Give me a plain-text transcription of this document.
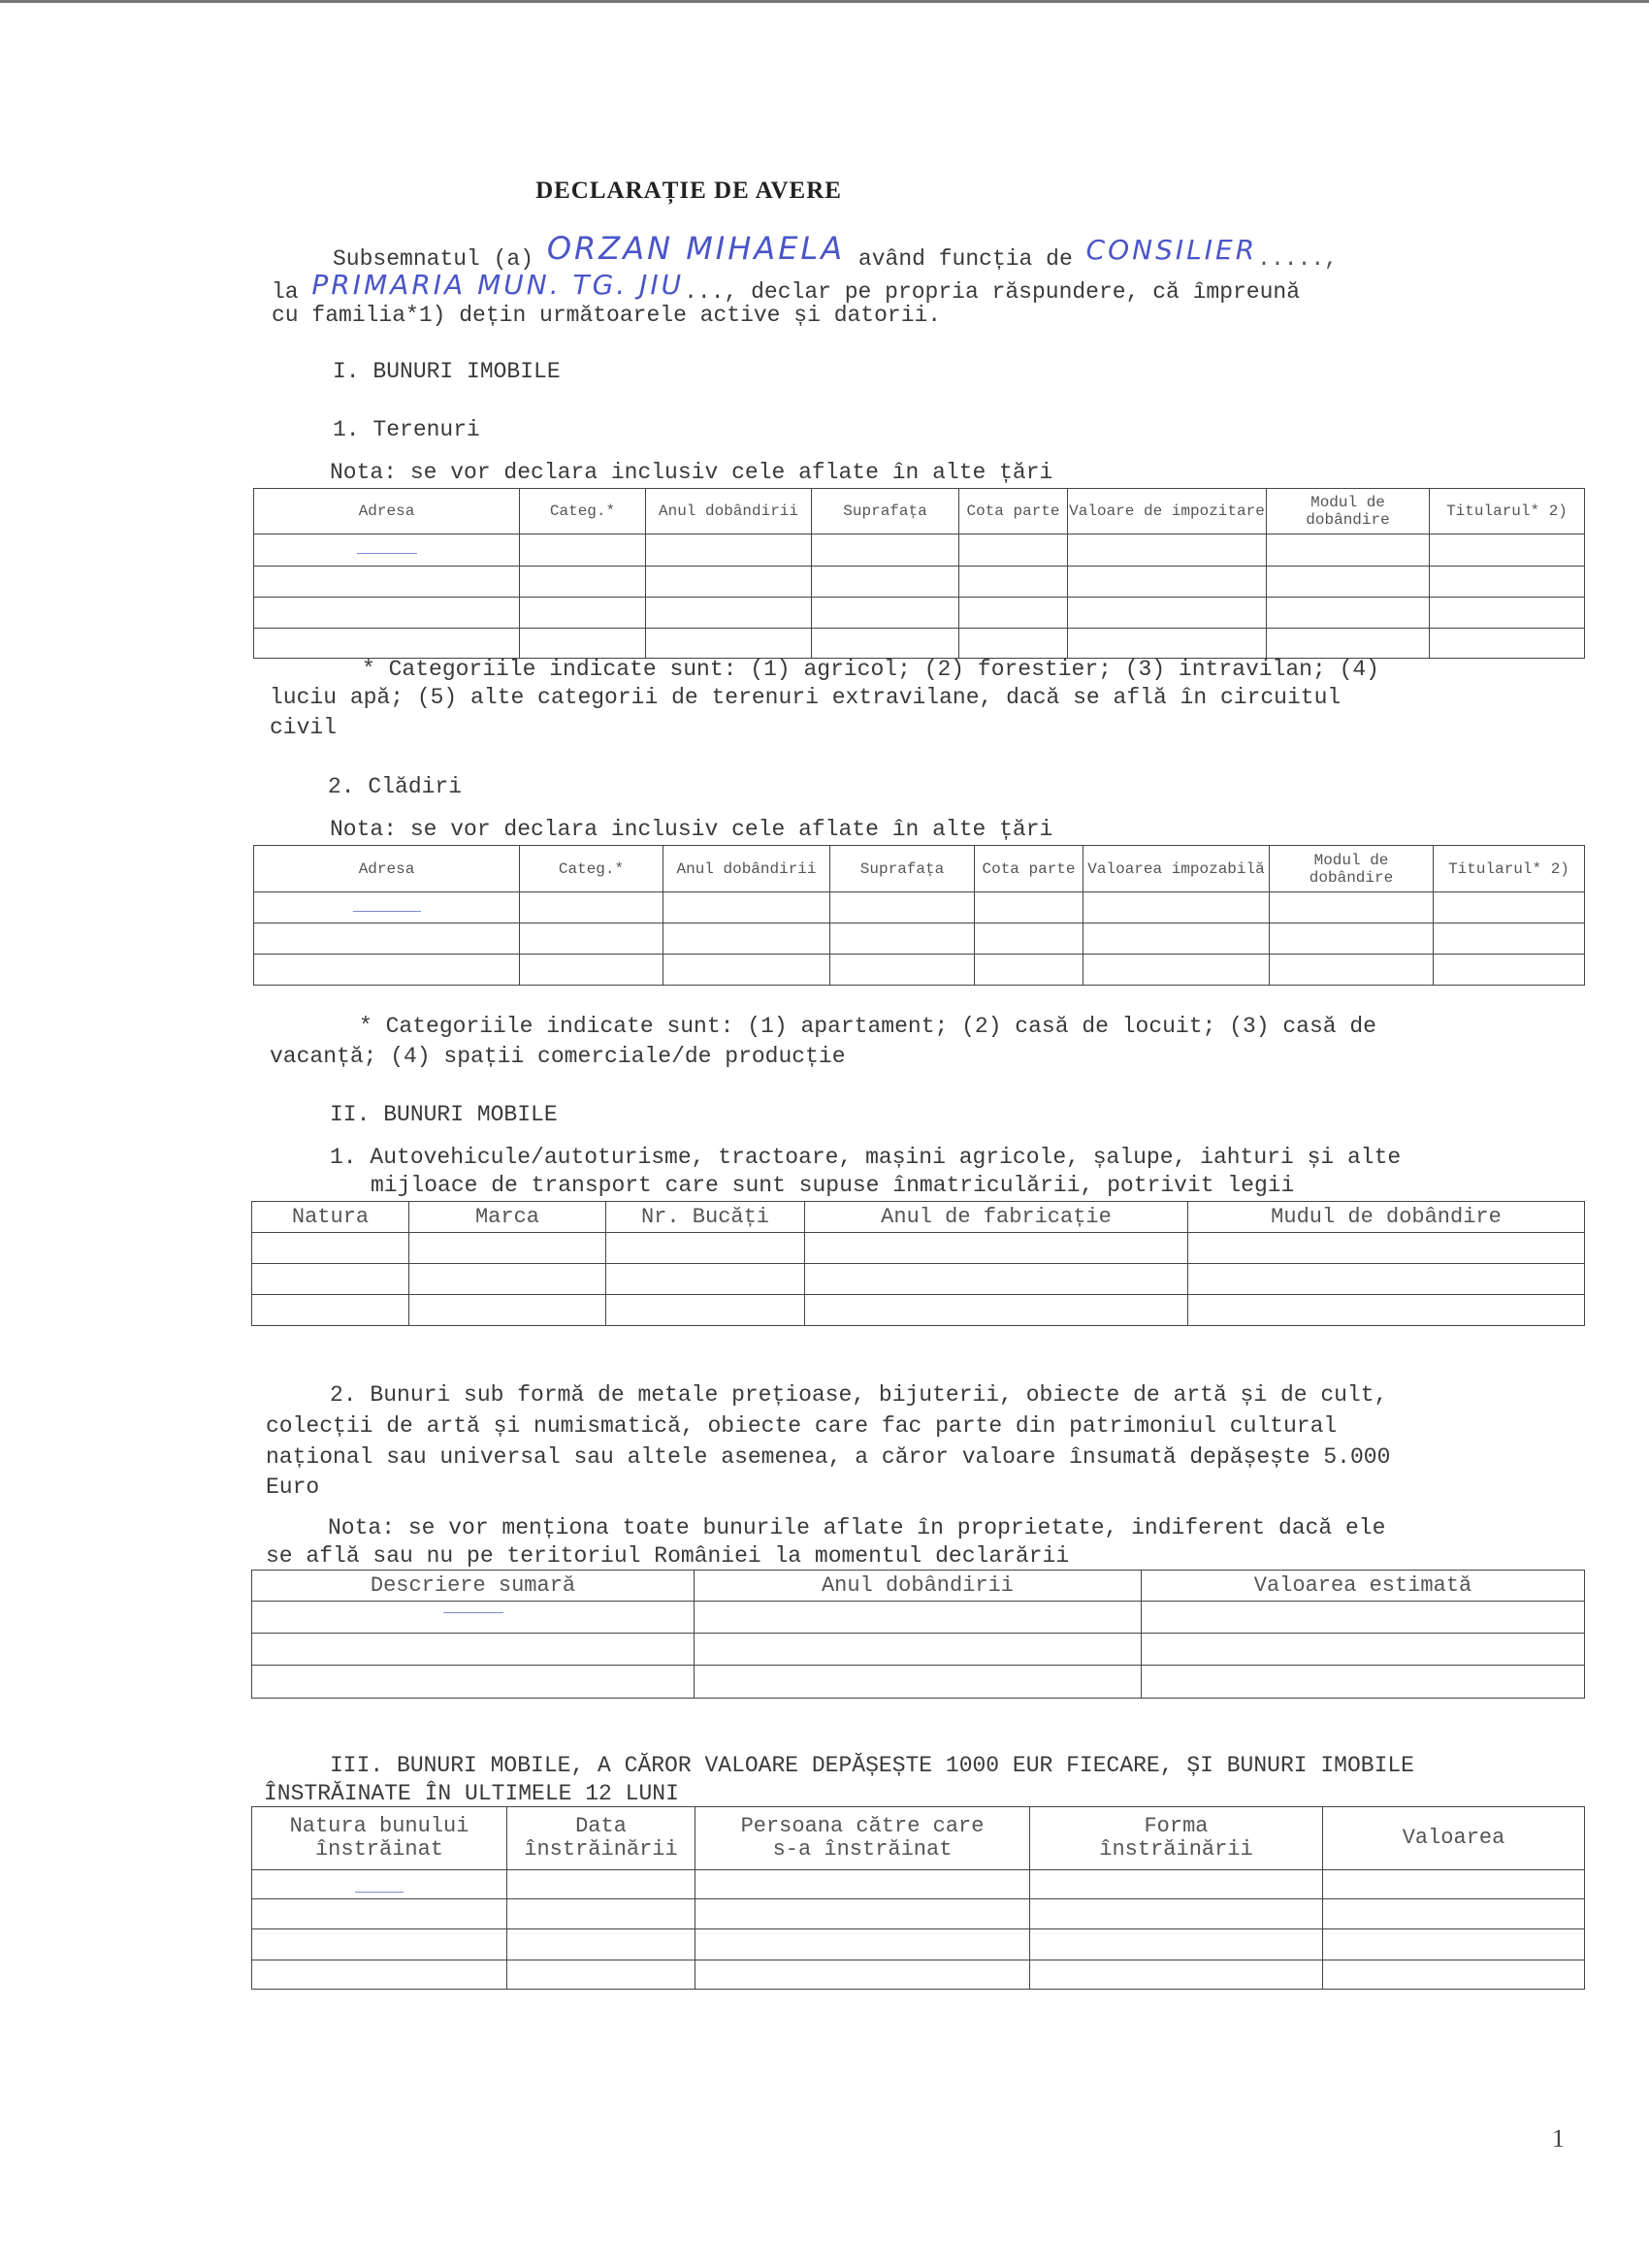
DECLARAȚIE DE AVERE
Subsemnatul (a) ORZAN MIHAELA având funcția de CONSILIER.....,
la PRIMARIA MUN. TG. JIU..., declar pe propria răspundere, că împreună
cu familia*1) dețin următoarele active și datorii.
I. BUNURI IMOBILE
1. Terenuri
Nota: se vor declara inclusiv cele aflate în alte țări
Adresa	Categ.*	Anul dobândirii	Suprafața	Cota parte	Valoare de impozitare	Modul de dobândire	Titularul* 2)

* Categoriile indicate sunt: (1) agricol; (2) forestier; (3) intravilan; (4)
luciu apă; (5) alte categorii de terenuri extravilane, dacă se află în circuitul
civil
2. Clădiri
Nota: se vor declara inclusiv cele aflate în alte țări
Adresa	Categ.*	Anul dobândirii	Suprafața	Cota parte	Valoarea impozabilă	Modul de dobândire	Titularul* 2)

* Categoriile indicate sunt: (1) apartament; (2) casă de locuit; (3) casă de
vacanță; (4) spații comerciale/de producție
II. BUNURI MOBILE
1. Autovehicule/autoturisme, tractoare, mașini agricole, șalupe, iahturi și alte
mijloace de transport care sunt supuse înmatriculării, potrivit legii
Natura	Marca	Nr. Bucăți	Anul de fabricație	Mudul de dobândire

2. Bunuri sub formă de metale prețioase, bijuterii, obiecte de artă și de cult,
colecții de artă și numismatică, obiecte care fac parte din patrimoniul cultural
național sau universal sau altele asemenea, a căror valoare însumată depășește 5.000
Euro
Nota: se vor menționa toate bunurile aflate în proprietate, indiferent dacă ele
se află sau nu pe teritoriul României la momentul declarării
Descriere sumară	Anul dobândirii	Valoarea estimată

III. BUNURI MOBILE, A CĂROR VALOARE DEPĂȘEȘTE 1000 EUR FIECARE, ȘI BUNURI IMOBILE
ÎNSTRĂINATE ÎN ULTIMELE 12 LUNI
Natura bunului înstrăinat	Data înstrăinării	Persoana către care s-a înstrăinat	Forma înstrăinării	Valoarea

1
